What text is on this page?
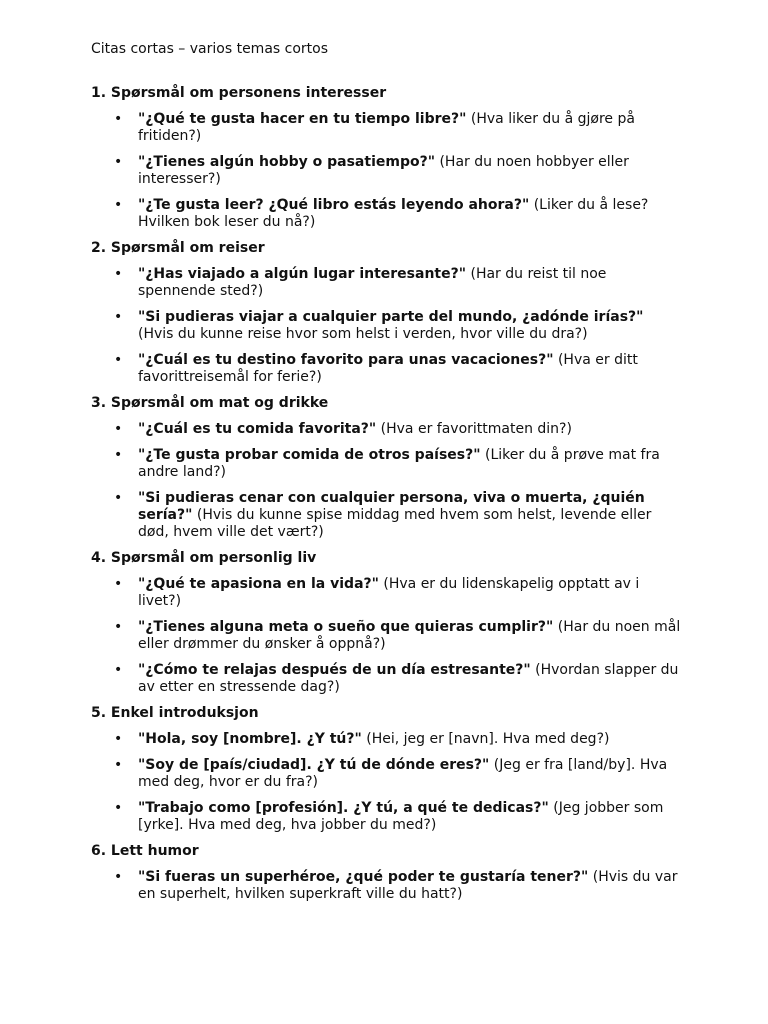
Citas cortas – varios temas cortos
1. Spørsmål om personens interesser
• "¿Qué te gusta hacer en tu tiempo libre?" (Hva liker du å gjøre på fritiden?)
• "¿Tienes algún hobby o pasatiempo?" (Har du noen hobbyer eller interesser?)
• "¿Te gusta leer? ¿Qué libro estás leyendo ahora?" (Liker du å lese? Hvilken bok leser du nå?)
2. Spørsmål om reiser
• "¿Has viajado a algún lugar interesante?" (Har du reist til noe spennende sted?)
• "Si pudieras viajar a cualquier parte del mundo, ¿adónde irías?" (Hvis du kunne reise hvor som helst i verden, hvor ville du dra?)
• "¿Cuál es tu destino favorito para unas vacaciones?" (Hva er ditt favorittreisemål for ferie?)
3. Spørsmål om mat og drikke
• "¿Cuál es tu comida favorita?" (Hva er favorittmaten din?)
• "¿Te gusta probar comida de otros países?" (Liker du å prøve mat fra andre land?)
• "Si pudieras cenar con cualquier persona, viva o muerta, ¿quién sería?" (Hvis du kunne spise middag med hvem som helst, levende eller død, hvem ville det vært?)
4. Spørsmål om personlig liv
• "¿Qué te apasiona en la vida?" (Hva er du lidenskapelig opptatt av i livet?)
• "¿Tienes alguna meta o sueño que quieras cumplir?" (Har du noen mål eller drømmer du ønsker å oppnå?)
• "¿Cómo te relajas después de un día estresante?" (Hvordan slapper du av etter en stressende dag?)
5. Enkel introduksjon
• "Hola, soy [nombre]. ¿Y tú?" (Hei, jeg er [navn]. Hva med deg?)
• "Soy de [país/ciudad]. ¿Y tú de dónde eres?" (Jeg er fra [land/by]. Hva med deg, hvor er du fra?)
• "Trabajo como [profesión]. ¿Y tú, a qué te dedicas?" (Jeg jobber som [yrke]. Hva med deg, hva jobber du med?)
6. Lett humor
• "Si fueras un superhéroe, ¿qué poder te gustaría tener?" (Hvis du var en superhelt, hvilken superkraft ville du hatt?)
